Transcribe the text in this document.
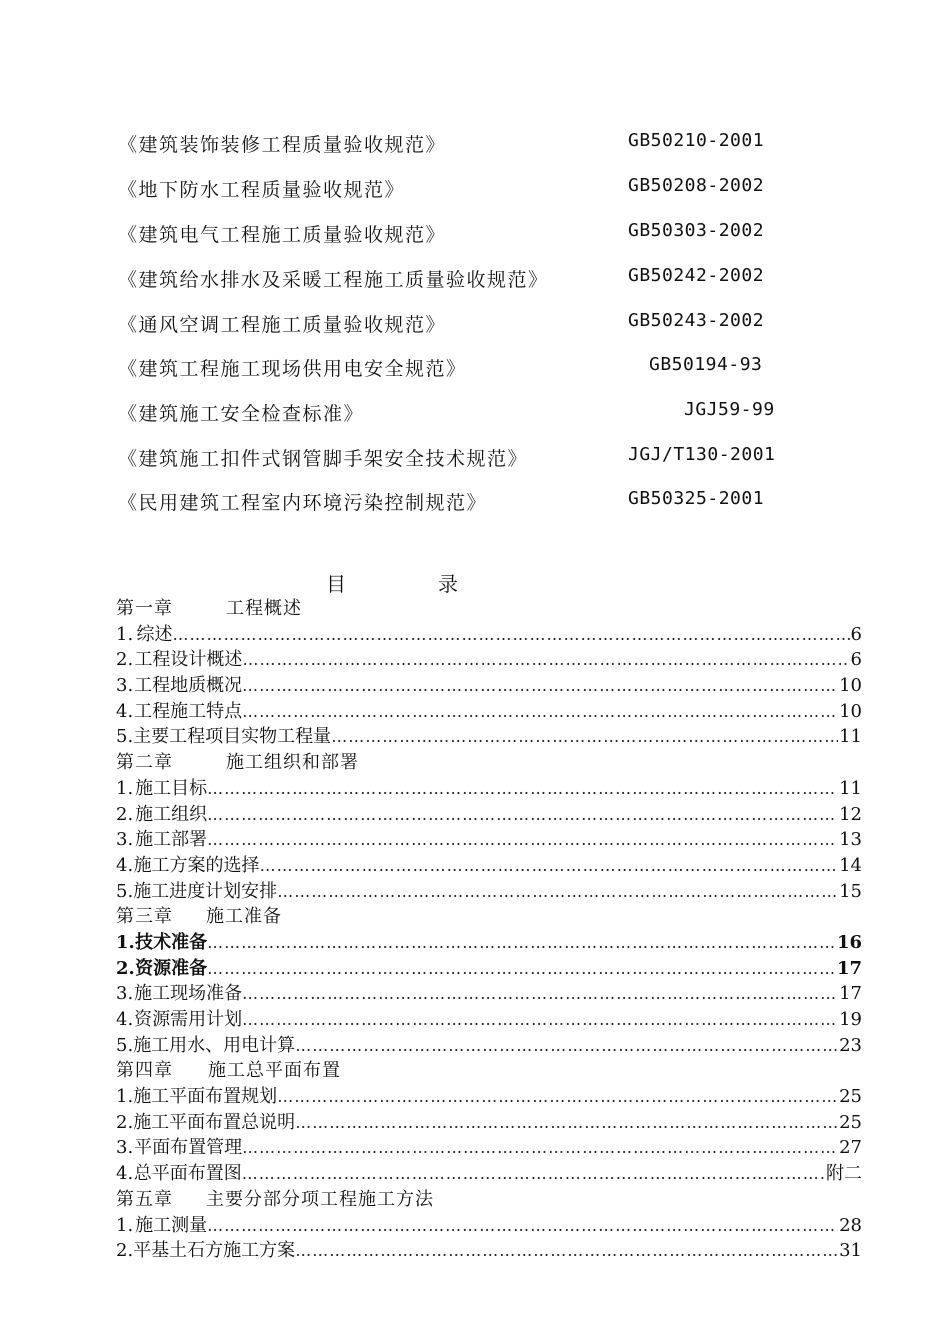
《建筑装饰装修工程质量验收规范》	GB50210-2001
《地下防水工程质量验收规范》	GB50208-2002
《建筑电气工程施工质量验收规范》	GB50303-2002
《建筑给水排水及采暖工程施工质量验收规范》	GB50242-2002
《通风空调工程施工质量验收规范》	GB50243-2002
《建筑工程施工现场供用电安全规范》	GB50194-93
《建筑施工安全检查标准》	JGJ59-99
《建筑施工扣件式钢管脚手架安全技术规范》	JGJ/T130-2001
《民用建筑工程室内环境污染控制规范》	GB50325-2001
目	录
第一章	工程概述
1. 综述 ……………………………………………………………………………………………………………………………………………………………………	6
2. 工程设计概述 ……………………………………………………………………………………………………………………………………………………………………	6
3. 工程地质概况 ……………………………………………………………………………………………………………………………………………………………………	10
4. 工程施工特点 ……………………………………………………………………………………………………………………………………………………………………	10
5. 主要工程项目实物工程量 ……………………………………………………………………………………………………………………………………………………………………	11
第二章	施工组织和部署
1. 施工目标 ……………………………………………………………………………………………………………………………………………………………………	11
2. 施工组织 ……………………………………………………………………………………………………………………………………………………………………	12
3. 施工部署 ……………………………………………………………………………………………………………………………………………………………………	13
4. 施工方案的选择 ……………………………………………………………………………………………………………………………………………………………………	14
5. 施工进度计划安排 ……………………………………………………………………………………………………………………………………………………………………	15
第三章	施工准备
1. 技术准备 ……………………………………………………………………………………………………………………………………………………………………	16
2. 资源准备 ……………………………………………………………………………………………………………………………………………………………………	17
3. 施工现场准备 ……………………………………………………………………………………………………………………………………………………………………	17
4. 资源需用计划 ……………………………………………………………………………………………………………………………………………………………………	19
5. 施工用水、用电计算 ……………………………………………………………………………………………………………………………………………………………………	23
第四章	施工总平面布置
1. 施工平面布置规划 ……………………………………………………………………………………………………………………………………………………………………	25
2. 施工平面布置总说明 ……………………………………………………………………………………………………………………………………………………………………	25
3. 平面布置管理 ……………………………………………………………………………………………………………………………………………………………………	27
4. 总平面布置图 ……………………………………………………………………………………………………………………………………………………………………	附二
第五章	主要分部分项工程施工方法
1. 施工测量 ……………………………………………………………………………………………………………………………………………………………………	28
2. 平基土石方施工方案 ……………………………………………………………………………………………………………………………………………………………………	31
